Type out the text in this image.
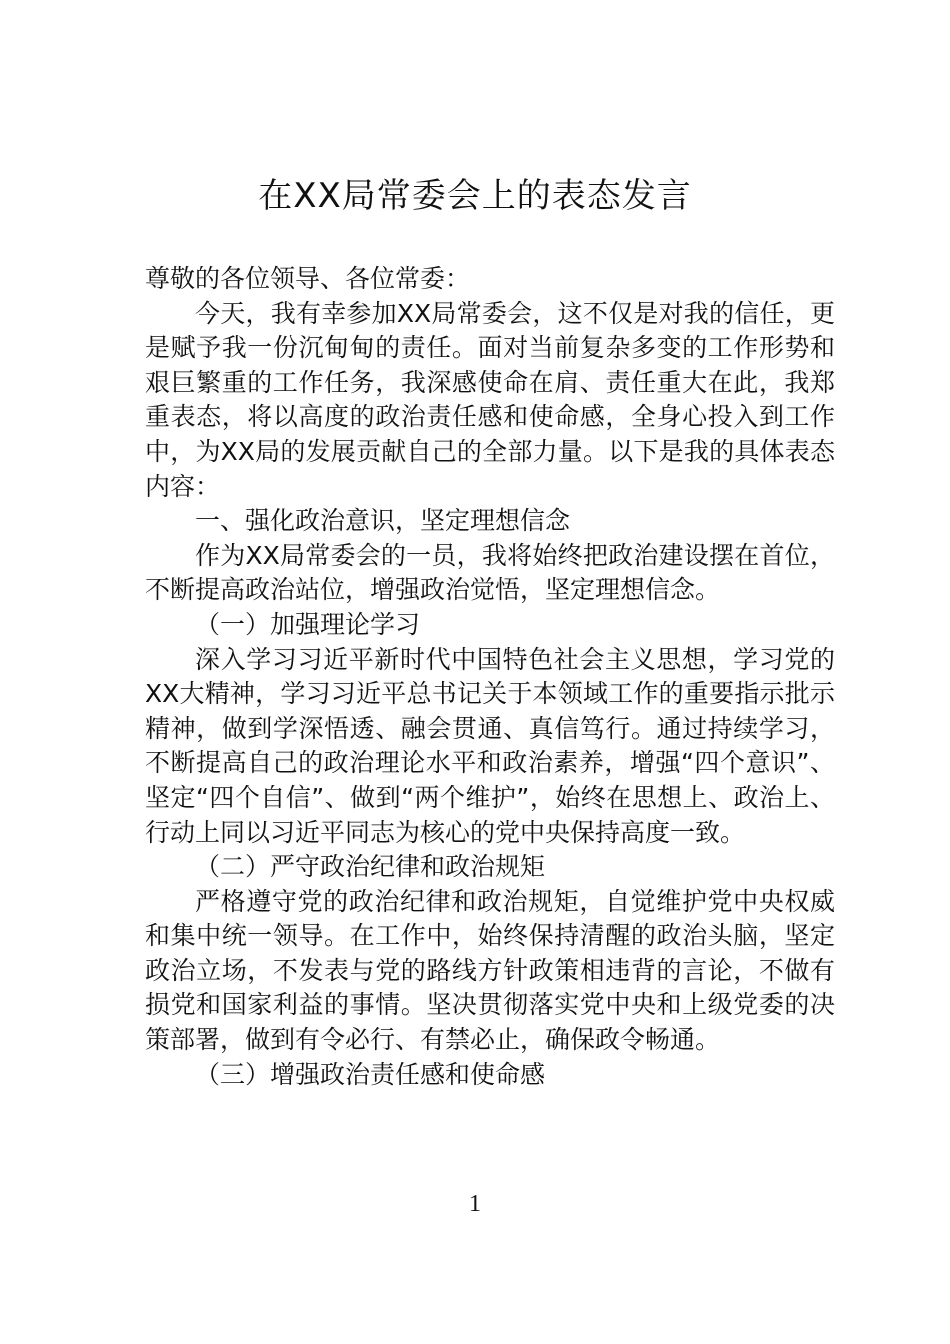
在XX局常委会上的表态发言

尊敬的各位领导、各位常委：

今天，我有幸参加XX局常委会，这不仅是对我的信任，更是赋予我一份沉甸甸的责任。面对当前复杂多变的工作形势和艰巨繁重的工作任务，我深感使命在肩、责任重大在此，我郑重表态，将以高度的政治责任感和使命感，全身心投入到工作中，为XX局的发展贡献自己的全部力量。以下是我的具体表态内容：

一、强化政治意识，坚定理想信念

作为XX局常委会的一员，我将始终把政治建设摆在首位，不断提高政治站位，增强政治觉悟，坚定理想信念。

（一）加强理论学习

深入学习习近平新时代中国特色社会主义思想，学习党的XX大精神，学习习近平总书记关于本领域工作的重要指示批示精神，做到学深悟透、融会贯通、真信笃行。通过持续学习，不断提高自己的政治理论水平和政治素养，增强“四个意识”、坚定“四个自信”、做到“两个维护”，始终在思想上、政治上、行动上同以习近平同志为核心的党中央保持高度一致。

（二）严守政治纪律和政治规矩

严格遵守党的政治纪律和政治规矩，自觉维护党中央权威和集中统一领导。在工作中，始终保持清醒的政治头脑，坚定政治立场，不发表与党的路线方针政策相违背的言论，不做有损党和国家利益的事情。坚决贯彻落实党中央和上级党委的决策部署，做到有令必行、有禁必止，确保政令畅通。

（三）增强政治责任感和使命感

1
